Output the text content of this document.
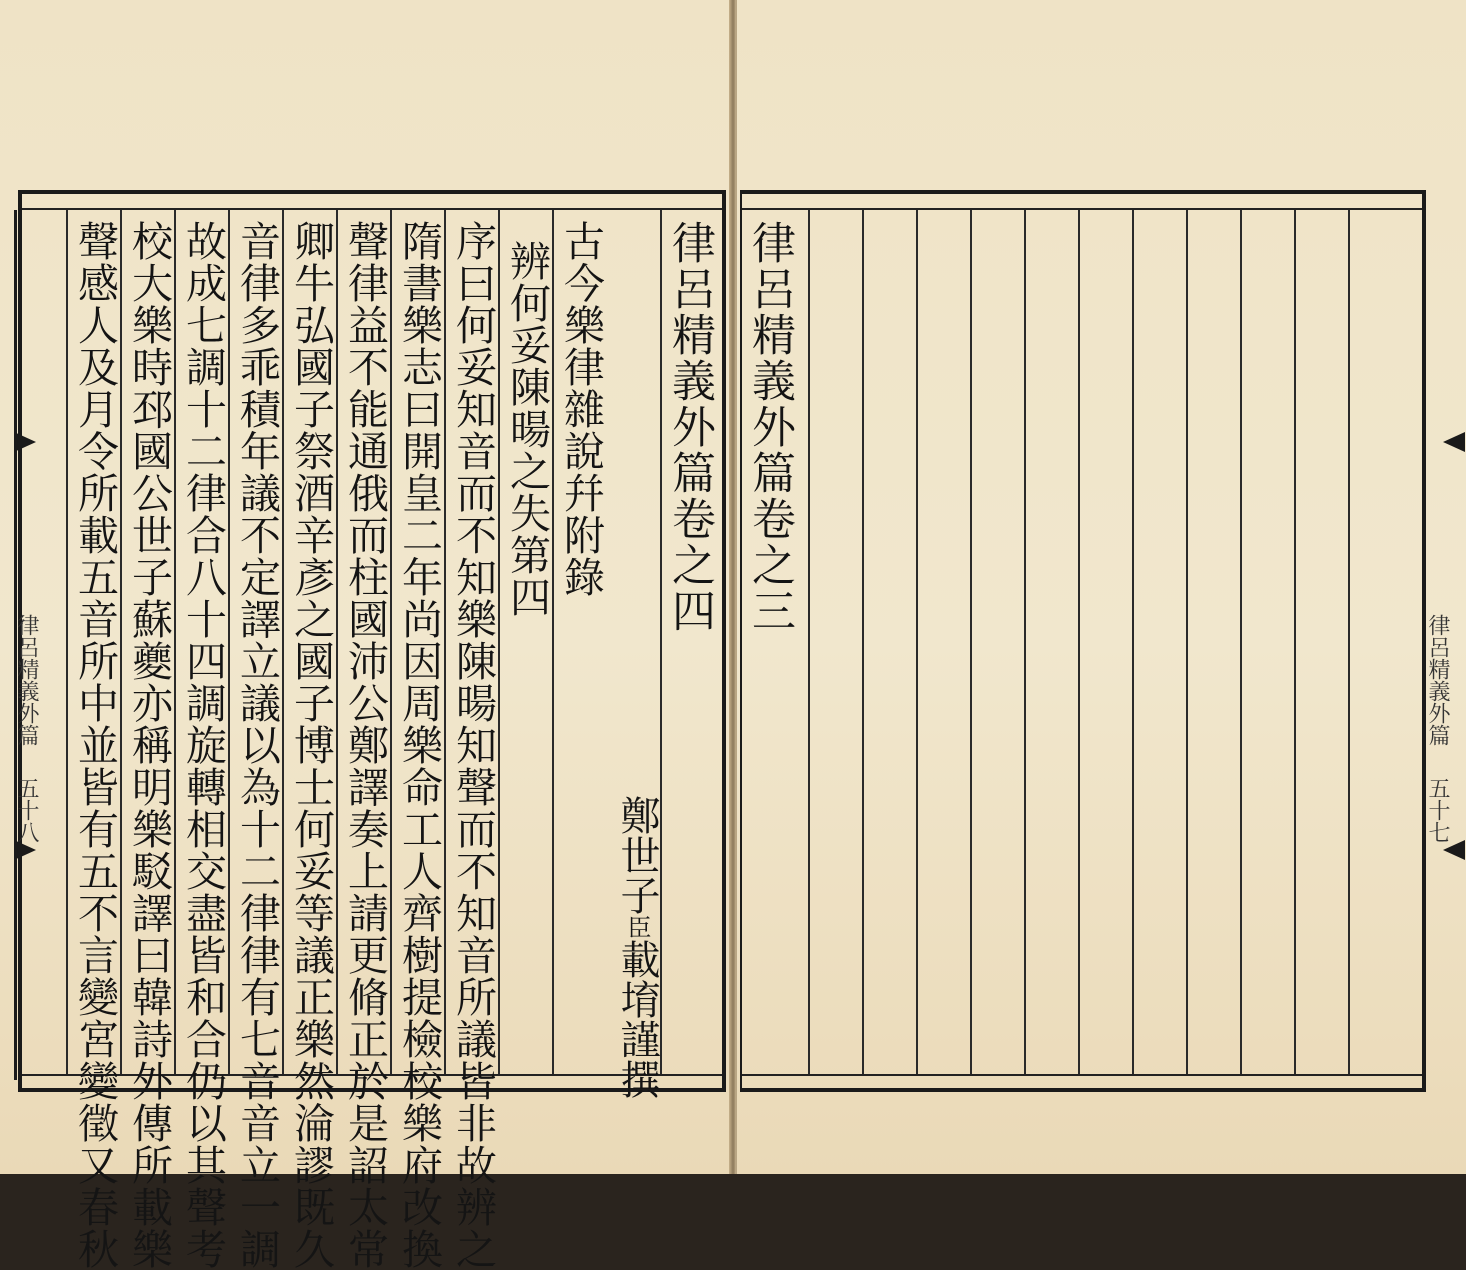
聲感人及月令所載五音所中並皆有五不言變宮變徵又春秋 校大樂時邳國公世子蘇夔亦稱明樂駁譯曰韓詩外傳所載樂 故成七調十二律合八十四調旋轉相交盡皆和合仍以其聲考 音律多乖積年議不定譯立議以為十二律律有七音音立一調 卿牛弘國子祭酒辛彥之國子博士何妥等議正樂然淪謬既久 聲律益不能通俄而柱國沛公鄭譯奏上請更脩正於是詔太常 隋書樂志曰開皇二年尚因周樂命工人齊樹提檢校樂府改換 序曰何妥知音而不知樂陳暘知聲而不知音所議皆非故辨之 辨何妥陳暘之失第四 古今樂律雜說幷附錄
鄭世子臣載堉謹撰
律呂精義外篇卷之四
律呂精義外篇
五十八
律呂精義外篇卷之三
律呂精義外篇
五十七
